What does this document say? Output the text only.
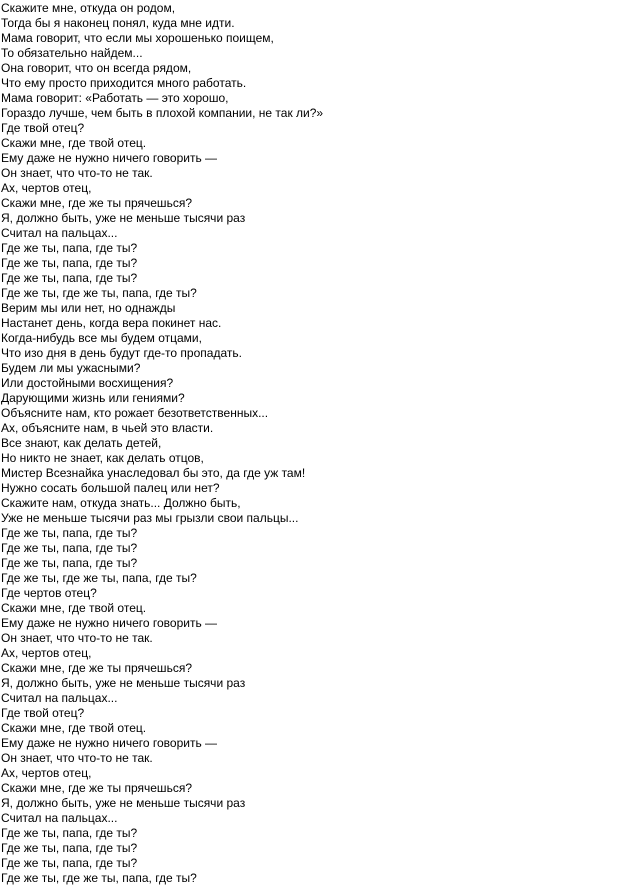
Скажите мне, откуда он родом,
Тогда бы я наконец понял, куда мне идти.
Мама говорит, что если мы хорошенько поищем,
То обязательно найдем...
Она говорит, что он всегда рядом,
Что ему просто приходится много работать.
Мама говорит: «Работать — это хорошо,
Гораздо лучше, чем быть в плохой компании, не так ли?»
Где твой отец?
Скажи мне, где твой отец.
Ему даже не нужно ничего говорить —
Он знает, что что-то не так.
Ах, чертов отец,
Скажи мне, где же ты прячешься?
Я, должно быть, уже не меньше тысячи раз
Считал на пальцах...
Где же ты, папа, где ты?
Где же ты, папа, где ты?
Где же ты, папа, где ты?
Где же ты, где же ты, папа, где ты?
Верим мы или нет, но однажды
Настанет день, когда вера покинет нас.
Когда-нибудь все мы будем отцами,
Что изо дня в день будут где-то пропадать.
Будем ли мы ужасными?
Или достойными восхищения?
Дарующими жизнь или гениями?
Объясните нам, кто рожает безответственных...
Ах, объясните нам, в чьей это власти.
Все знают, как делать детей,
Но никто не знает, как делать отцов,
Мистер Всезнайка унаследовал бы это, да где уж там!
Нужно сосать большой палец или нет?
Скажите нам, откуда знать... Должно быть,
Уже не меньше тысячи раз мы грызли свои пальцы...
Где же ты, папа, где ты?
Где же ты, папа, где ты?
Где же ты, папа, где ты?
Где же ты, где же ты, папа, где ты?
Где чертов отец?
Скажи мне, где твой отец.
Ему даже не нужно ничего говорить —
Он знает, что что-то не так.
Ах, чертов отец,
Скажи мне, где же ты прячешься?
Я, должно быть, уже не меньше тысячи раз
Считал на пальцах...
Где твой отец?
Скажи мне, где твой отец.
Ему даже не нужно ничего говорить —
Он знает, что что-то не так.
Ах, чертов отец,
Скажи мне, где же ты прячешься?
Я, должно быть, уже не меньше тысячи раз
Считал на пальцах...
Где же ты, папа, где ты?
Где же ты, папа, где ты?
Где же ты, папа, где ты?
Где же ты, где же ты, папа, где ты?
